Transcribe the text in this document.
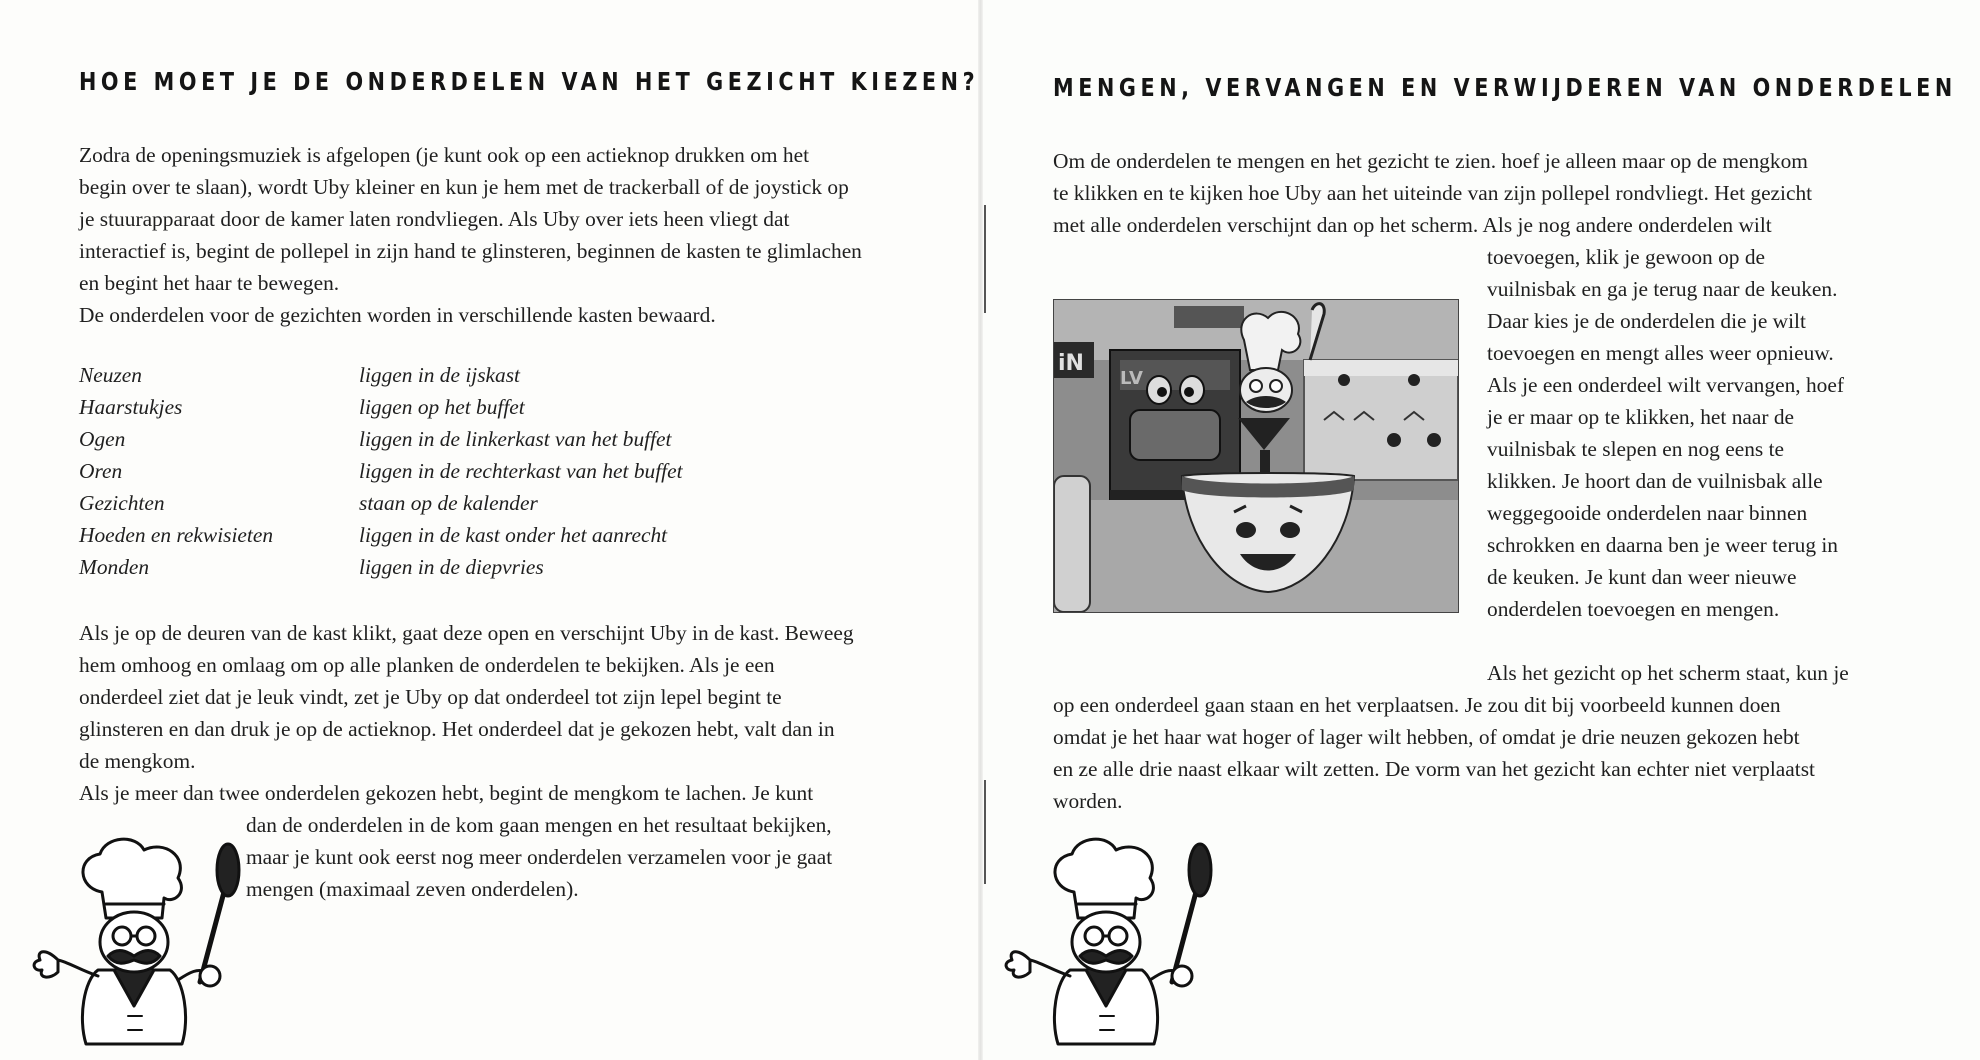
HOE MOET JE DE ONDERDELEN VAN HET GEZICHT KIEZEN?

Zodra de openingsmuziek is afgelopen (je kunt ook op een actieknop drukken om het
begin over te slaan), wordt Uby kleiner en kun je hem met de trackerball of de joystick op
je stuurapparaat door de kamer laten rondvliegen. Als Uby over iets heen vliegt dat
interactief is, begint de pollepel in zijn hand te glinsteren, beginnen de kasten te glimlachen
en begint het haar te bewegen.
De onderdelen voor de gezichten worden in verschillende kasten bewaard.

Neuzen	liggen in de ijskast
Haarstukjes	liggen op het buffet
Ogen	liggen in de linkerkast van het buffet
Oren	liggen in de rechterkast van het buffet
Gezichten	staan op de kalender
Hoeden en rekwisieten	liggen in de kast onder het aanrecht
Monden	liggen in de diepvries

Als je op de deuren van de kast klikt, gaat deze open en verschijnt Uby in de kast. Beweeg
hem omhoog en omlaag om op alle planken de onderdelen te bekijken. Als je een
onderdeel ziet dat je leuk vindt, zet je Uby op dat onderdeel tot zijn lepel begint te
glinsteren en dan druk je op de actieknop. Het onderdeel dat je gekozen hebt, valt dan in
de mengkom.
Als je meer dan twee onderdelen gekozen hebt, begint de mengkom te lachen. Je kunt

dan de onderdelen in de kom gaan mengen en het resultaat bekijken,
maar je kunt ook eerst nog meer onderdelen verzamelen voor je gaat
mengen (maximaal zeven onderdelen).

MENGEN, VERVANGEN EN VERWIJDEREN VAN ONDERDELEN

Om de onderdelen te mengen en het gezicht te zien. hoef je alleen maar op de mengkom
te klikken en te kijken hoe Uby aan het uiteinde van zijn pollepel rondvliegt. Het gezicht
met alle onderdelen verschijnt dan op het scherm. Als je nog andere onderdelen wilt

toevoegen, klik je gewoon op de
vuilnisbak en ga je terug naar de keuken.
Daar kies je de onderdelen die je wilt
toevoegen en mengt alles weer opnieuw.
Als je een onderdeel wilt vervangen, hoef
je er maar op te klikken, het naar de
vuilnisbak te slepen en nog eens te
klikken. Je hoort dan de vuilnisbak alle
weggegooide onderdelen naar binnen
schrokken en daarna ben je weer terug in
de keuken. Je kunt dan weer nieuwe
onderdelen toevoegen en mengen.

Als het gezicht op het scherm staat, kun je
op een onderdeel gaan staan en het verplaatsen. Je zou dit bij voorbeeld kunnen doen
omdat je het haar wat hoger of lager wilt hebben, of omdat je drie neuzen gekozen hebt
en ze alle drie naast elkaar wilt zetten. De vorm van het gezicht kan echter niet verplaatst
worden.

iN
LV
